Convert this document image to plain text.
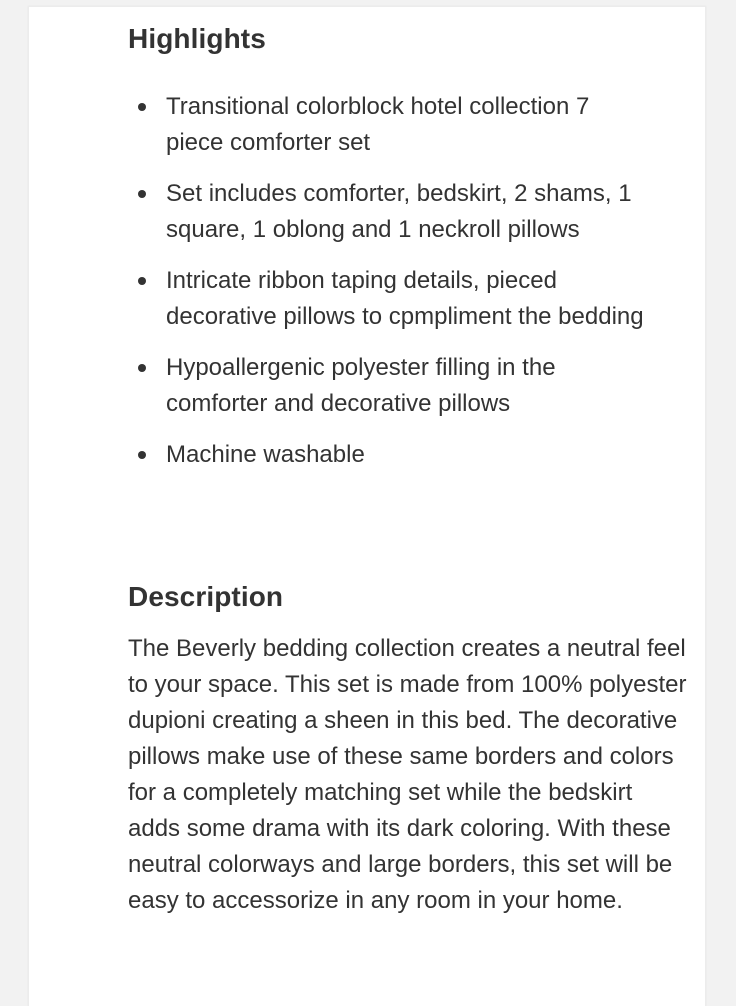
Highlights
Transitional colorblock hotel collection 7 piece comforter set
Set includes comforter, bedskirt, 2 shams, 1 square, 1 oblong and 1 neckroll pillows
Intricate ribbon taping details, pieced decorative pillows to cpmpliment the bedding
Hypoallergenic polyester filling in the comforter and decorative pillows
Machine washable
Description

The Beverly bedding collection creates a neutral feel to your space. This set is made from 100% polyester dupioni creating a sheen in this bed. The decorative pillows make use of these same borders and colors for a completely matching set while the bedskirt adds some drama with its dark coloring. With these neutral colorways and large borders, this set will be easy to accessorize in any room in your home.
